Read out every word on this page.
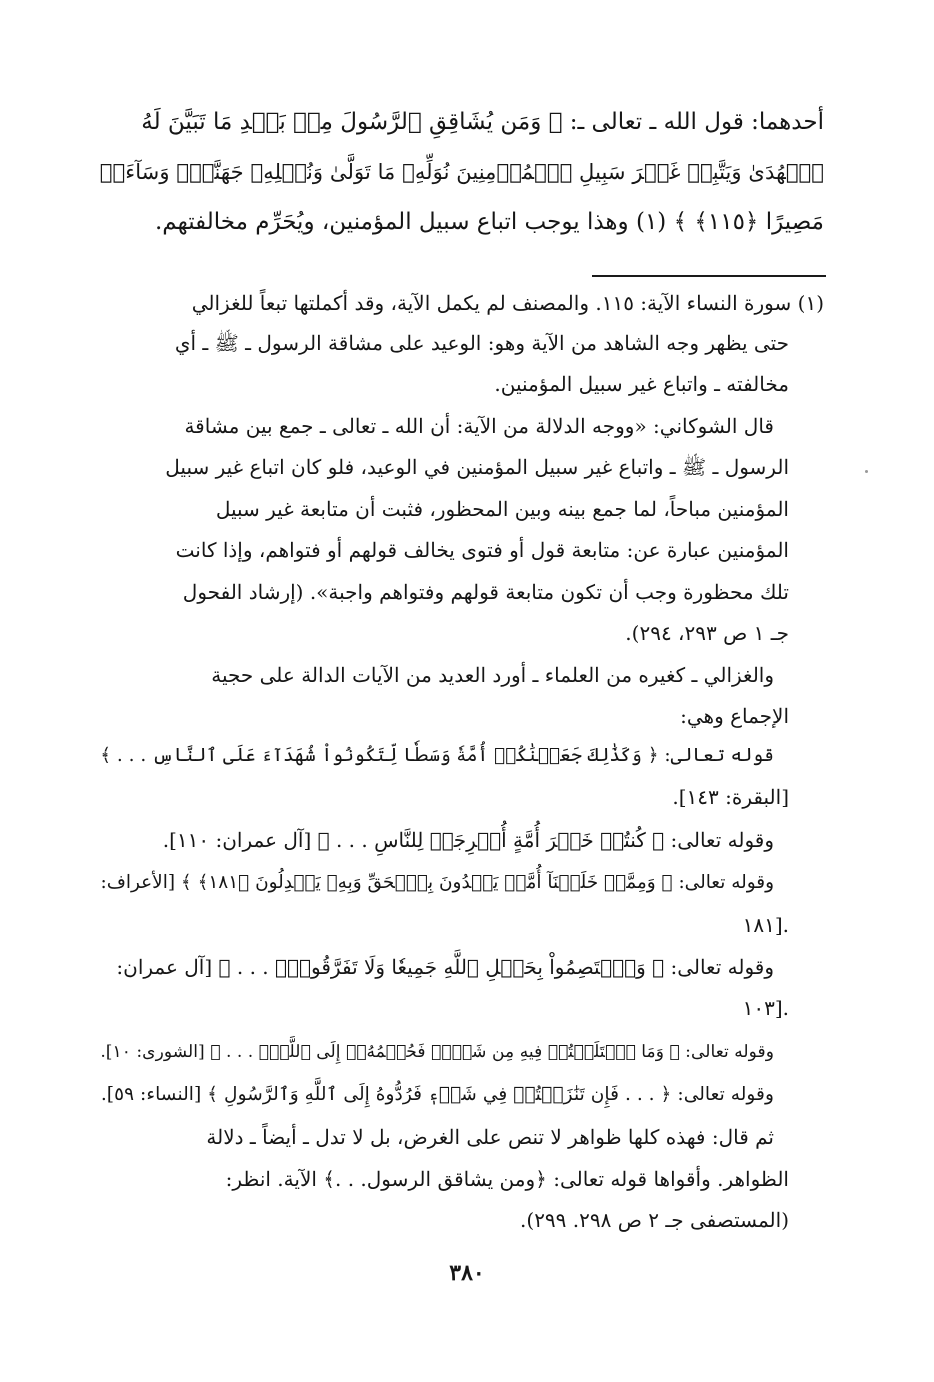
أحدهما: قول الله ـ تعالى ـ: ﴿ وَمَن يُشَاقِقِ ٱلرَّسُولَ مِنۢ بَعۡدِ مَا تَبَيَّنَ لَهُ
ٱلۡهُدَىٰ وَيَتَّبِعۡ غَيۡرَ سَبِيلِ ٱلۡمُؤۡمِنِينَ نُوَلِّهِۦ مَا تَوَلَّىٰ وَنُصۡلِهِۦ جَهَنَّمَۖ وَسَآءَتۡ
مَصِيرًا ﴿١١٥﴾ ﴾ (١) وهذا يوجب اتباع سبيل المؤمنين، ويُحَرِّم مخالفتهم.
(١) سورة النساء الآية: ١١٥. والمصنف لم يكمل الآية، وقد أكملتها تبعاً للغزالي
حتى يظهر وجه الشاهد من الآية وهو: الوعيد على مشاقة الرسول ـ ﷺ ـ أي
مخالفته ـ واتباع غير سبيل المؤمنين.
قال الشوكاني: «ووجه الدلالة من الآية: أن الله ـ تعالى ـ جمع بين مشاقة
الرسول ـ ﷺ ـ واتباع غير سبيل المؤمنين في الوعيد، فلو كان اتباع غير سبيل
المؤمنين مباحاً، لما جمع بينه وبين المحظور، فثبت أن متابعة غير سبيل
المؤمنين عبارة عن: متابعة قول أو فتوى يخالف قولهم أو فتواهم، وإذا كانت
تلك محظورة وجب أن تكون متابعة قولهم وفتواهم واجبة». (إرشاد الفحول
جـ ١ ص ٢٩٣، ٢٩٤).
والغزالي ـ كغيره من العلماء ـ أورد العديد من الآيات الدالة على حجية
الإجماع وهي:
قوله تعالى: ﴿ وَكَذَٰلِكَ جَعَلۡنَٰكُمۡ أُمَّةٗ وَسَطٗا لِّتَكُونُواْ شُهَدَآءَ عَلَى ٱلنَّاسِ . . . ﴾
[البقرة: ١٤٣].
وقوله تعالى: ﴿ كُنتُمۡ خَيۡرَ أُمَّةٍ أُخۡرِجَتۡ لِلنَّاسِ . . . ﴾ [آل عمران: ١١٠].
وقوله تعالى: ﴿ وَمِمَّنۡ خَلَقۡنَآ أُمَّةٞ يَهۡدُونَ بِٱلۡحَقِّ وَبِهِۦ يَعۡدِلُونَ ﴿١٨١﴾ ﴾ [الأعراف:
١٨١].
وقوله تعالى: ﴿ وَٱعۡتَصِمُواْ بِحَبۡلِ ٱللَّهِ جَمِيعٗا وَلَا تَفَرَّقُواْۚ . . . ﴾ [آل عمران:
١٠٣].
وقوله تعالى: ﴿ وَمَا ٱخۡتَلَفۡتُمۡ فِيهِ مِن شَيۡءٖ فَحُكۡمُهُۥٓ إِلَى ٱللَّهِۚ . . . ﴾ [الشورى: ١٠].
وقوله تعالى: ﴿ . . . فَإِن تَنَٰزَعۡتُمۡ فِي شَيۡءٖ فَرُدُّوهُ إِلَى ٱللَّهِ وَٱلرَّسُولِ ﴾ [النساء: ٥٩].
ثم قال: فهذه كلها ظواهر لا تنص على الغرض، بل لا تدل ـ أيضاً ـ دلالة
الظواهر. وأقواها قوله تعالى: ﴿ومن يشاقق الرسول. . .﴾ الآية. انظر:
(المستصفى جـ ٢ ص ٢٩٨. ٢٩٩).
٣٨٠
